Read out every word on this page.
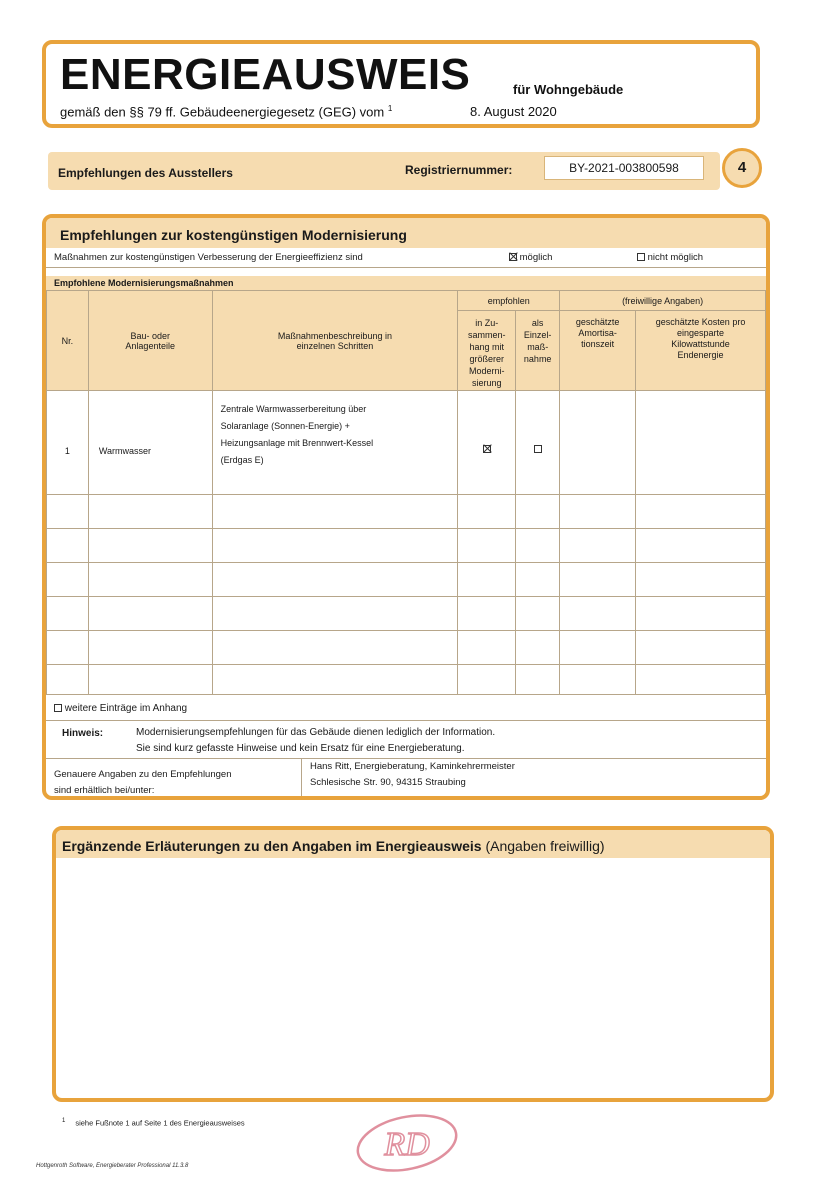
ENERGIEAUSWEIS	für Wohngebäude
gemäß den §§ 79 ff. Gebäudeenergiegesetz (GEG) vom $^1$	8. August 2020
Empfehlungen des Ausstellers	Registriernummer:	BY-2021-003800598	4
Empfehlungen zur kostengünstigen Modernisierung
Maßnahmen zur kostengünstigen Verbesserung der Energieeffizienz sind	möglich	nicht möglich
Empfohlene Modernisierungsmaßnahmen
Nr.	Bau- oder Anlagenteile	Maßnahmenbeschreibung in einzelnen Schritten	empfohlen		(freiwillige Angaben)	

			in Zu-sammen-hang mit größerer Moderni-sierung	als Einzel-maß-nahme	geschätzte Amortisa-tionszeit	geschätzte Kosten pro eingesparte Kilowattstunde Endenergie

1	Warmwasser	Zentrale Warmwasserbereitung über Solaranlage (Sonnen-Energie) + Heizungsanlage mit Brennwert-Kessel (Erdgas E)				

weitere Einträge im Anhang
Hinweis:	Modernisierungsempfehlungen für das Gebäude dienen lediglich der Information.
Sie sind kurz gefasste Hinweise und kein Ersatz für eine Energieberatung.
Genauere Angaben zu den Empfehlungen
sind erhältlich bei/unter:
Hans Ritt, Energieberatung, Kaminkehrermeister
Schlesische Str. 90, 94315 Straubing
Ergänzende Erläuterungen zu den Angaben im Energieausweis (Angaben freiwillig)
$^1$ siehe Fußnote 1 auf Seite 1 des Energieausweises
Hottgenroth Software, Energieberater Professional 11.3.8
RD
